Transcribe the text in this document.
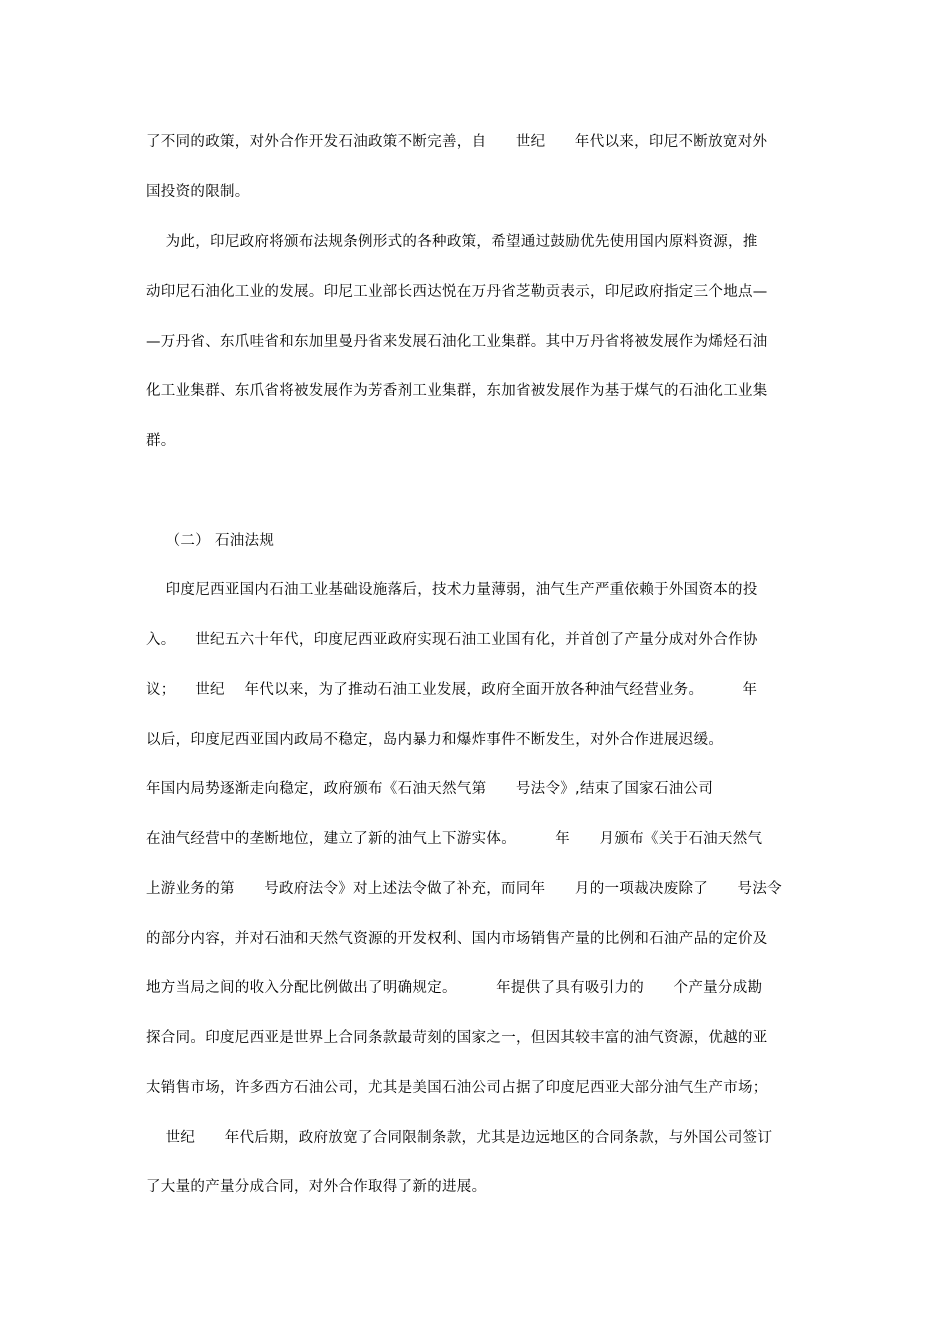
了不同的政策，对外合作开发石油政策不断完善，自      世纪      年代以来，印尼不断放宽对外
国投资的限制。
为此，印尼政府将颁布法规条例形式的各种政策，希望通过鼓励优先使用国内原料资源，推
动印尼石油化工业的发展。印尼工业部长西达悦在万丹省芝勒贡表示，印尼政府指定三个地点—
—万丹省、东爪哇省和东加里曼丹省来发展石油化工业集群。其中万丹省将被发展作为烯烃石油
化工业集群、东爪省将被发展作为芳香剂工业集群，东加省被发展作为基于煤气的石油化工业集
群。
（二） 石油法规
印度尼西亚国内石油工业基础设施落后，技术力量薄弱，油气生产严重依赖于外国资本的投
入。    世纪五六十年代，印度尼西亚政府实现石油工业国有化，并首创了产量分成对外合作协
议；    世纪    年代以来，为了推动石油工业发展，政府全面开放各种油气经营业务。        年
以后，印度尼西亚国内政局不稳定，岛内暴力和爆炸事件不断发生，对外合作进展迟缓。
年国内局势逐渐走向稳定，政府颁布《石油天然气第      号法令》,结束了国家石油公司
在油气经营中的垄断地位，建立了新的油气上下游实体。        年      月颁布《关于石油天然气
上游业务的第      号政府法令》对上述法令做了补充，而同年      月的一项裁决废除了      号法令
的部分内容，并对石油和天然气资源的开发权利、国内市场销售产量的比例和石油产品的定价及
地方当局之间的收入分配比例做出了明确规定。        年提供了具有吸引力的      个产量分成勘
探合同。印度尼西亚是世界上合同条款最苛刻的国家之一，但因其较丰富的油气资源，优越的亚
太销售市场，许多西方石油公司，尤其是美国石油公司占据了印度尼西亚大部分油气生产市场；
世纪      年代后期，政府放宽了合同限制条款，尤其是边远地区的合同条款，与外国公司签订
了大量的产量分成合同，对外合作取得了新的进展。
